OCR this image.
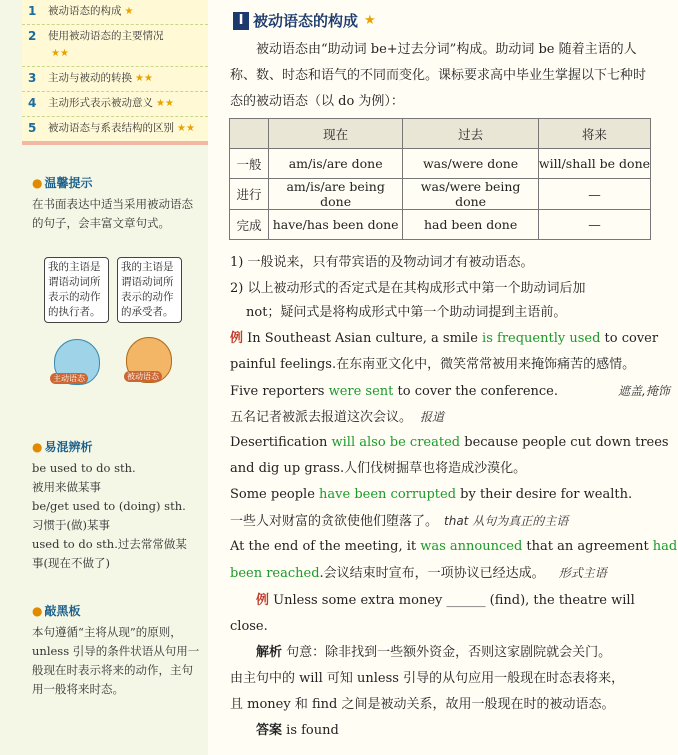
1	被动语态的构成 ★
2	使用被动语态的主要情况
★★
3	主动与被动的转换 ★★
4	主动形式表示被动意义 ★★
5	被动语态与系表结构的区别 ★★
● 温馨提示
在书面表达中适当采用被动语态的句子，会丰富文章句式。
我的主语是谓语动词所表示的动作的执行者。
我的主语是谓语动词所表示的动作的承受者。
主动语态	被动语态
● 易混辨析
be used to do sth.
被用来做某事
be/get used to (doing) sth.
习惯于(做)某事
used to do sth.过去常常做某
事(现在不做了)
● 敲黑板
本句遵循“主将从现”的原则，unless 引导的条件状语从句用一般现在时表示将来的动作，主句用一般将来时态。
I 被动语态的构成 ★
被动语态由“助动词 be+过去分词”构成。助动词 be 随着主语的人称、数、时态和语气的不同而变化。课标要求高中毕业生掌握以下七种时态的被动语态（以 do 为例）：
	现在	过去	将来
一般	am/is/are done	was/were done	will/shall be done
进行	am/is/are being done	was/were being done	—
完成	have/has been done	had been done	—
1) 一般说来，只有带宾语的及物动词才有被动语态。
2) 以上被动形式的否定式是在其构成形式中第一个助动词后加
not；疑问式是将构成形式中第一个助动词提到主语前。
例 In Southeast Asian culture, a smile is frequently used to cover
painful feelings.在东南亚文化中，微笑常常被用来掩饰痛苦的感情。
Five reporters were sent to cover the conference.	遮盖,掩饰
五名记者被派去报道这次会议。 报道
Desertification will also be created because people cut down trees
and dig up grass.人们伐树掘草也将造成沙漠化。
Some people have been corrupted by their desire for wealth.
一些人对财富的贪欲使他们堕落了。 that 从句为真正的主语
At the end of the meeting, it was announced that an agreement had
been reached.会议结束时宣布，一项协议已经达成。 形式主语
例 Unless some extra money ______ (find), the theatre will
close.
解析 句意：除非找到一些额外资金，否则这家剧院就会关门。
由主句中的 will 可知 unless 引导的从句应用一般现在时态表将来，
且 money 和 find 之间是被动关系，故用一般现在时的被动语态。
答案 is found
